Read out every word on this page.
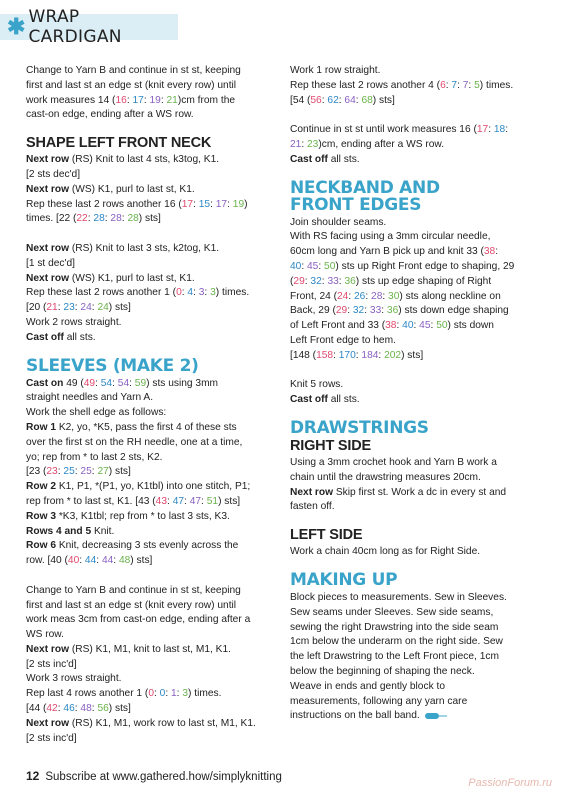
✱ WRAP CARDIGAN

Change to Yarn B and continue in st st, keeping

first and last st an edge st (knit every row) until

work measures 14 (16: 17: 19: 21)cm from the

cast-on edge, ending after a WS row.

SHAPE LEFT FRONT NECK

Next row (RS) Knit to last 4 sts, k3tog, K1.

[2 sts dec'd]

Next row (WS) K1, purl to last st, K1.

Rep these last 2 rows another 16 (17: 15: 17: 19)

times. [22 (22: 28: 28: 28) sts]

Next row (RS) Knit to last 3 sts, k2tog, K1.

[1 st dec'd]

Next row (WS) K1, purl to last st, K1.

Rep these last 2 rows another 1 (0: 4: 3: 3) times.

[20 (21: 23: 24: 24) sts]

Work 2 rows straight.

Cast off all sts.

SLEEVES (MAKE 2)

Cast on 49 (49: 54: 54: 59) sts using 3mm

straight needles and Yarn A.

Work the shell edge as follows:

Row 1 K2, yo, *K5, pass the first 4 of these sts

over the first st on the RH needle, one at a time,

yo; rep from * to last 2 sts, K2.

[23 (23: 25: 25: 27) sts]

Row 2 K1, P1, *(P1, yo, K1tbl) into one stitch, P1;

rep from * to last st, K1. [43 (43: 47: 47: 51) sts]

Row 3 *K3, K1tbl; rep from * to last 3 sts, K3.

Rows 4 and 5 Knit.

Row 6 Knit, decreasing 3 sts evenly across the

row. [40 (40: 44: 44: 48) sts]

Change to Yarn B and continue in st st, keeping

first and last st an edge st (knit every row) until

work meas 3cm from cast-on edge, ending after a

WS row.

Next row (RS) K1, M1, knit to last st, M1, K1.

[2 sts inc'd]

Work 3 rows straight.

Rep last 4 rows another 1 (0: 0: 1: 3) times.

[44 (42: 46: 48: 56) sts]

Next row (RS) K1, M1, work row to last st, M1, K1.

[2 sts inc'd]

Work 1 row straight.

Rep these last 2 rows another 4 (6: 7: 7: 5) times.

[54 (56: 62: 64: 68) sts]

Continue in st st until work measures 16 (17: 18:

21: 23)cm, ending after a WS row.

Cast off all sts.

NECKBAND AND
FRONT EDGES

Join shoulder seams.

With RS facing using a 3mm circular needle,

60cm long and Yarn B pick up and knit 33 (38:

40: 45: 50) sts up Right Front edge to shaping, 29

(29: 32: 33: 36) sts up edge shaping of Right

Front, 24 (24: 26: 28: 30) sts along neckline on

Back, 29 (29: 32: 33: 36) sts down edge shaping

of Left Front and 33 (38: 40: 45: 50) sts down

Left Front edge to hem.

[148 (158: 170: 184: 202) sts]

Knit 5 rows.

Cast off all sts.

DRAWSTRINGS
RIGHT SIDE

Using a 3mm crochet hook and Yarn B work a

chain until the drawstring measures 20cm.

Next row Skip first st. Work a dc in every st and

fasten off.

LEFT SIDE

Work a chain 40cm long as for Right Side.

MAKING UP

Block pieces to measurements. Sew in Sleeves.

Sew seams under Sleeves. Sew side seams,

sewing the right Drawstring into the side seam

1cm below the underarm on the right side. Sew

the left Drawstring to the Left Front piece, 1cm

below the beginning of shaping the neck.

Weave in ends and gently block to

measurements, following any yarn care

instructions on the ball band.

12 Subscribe at www.gathered.how/simplyknitting	PassionForum.ru
